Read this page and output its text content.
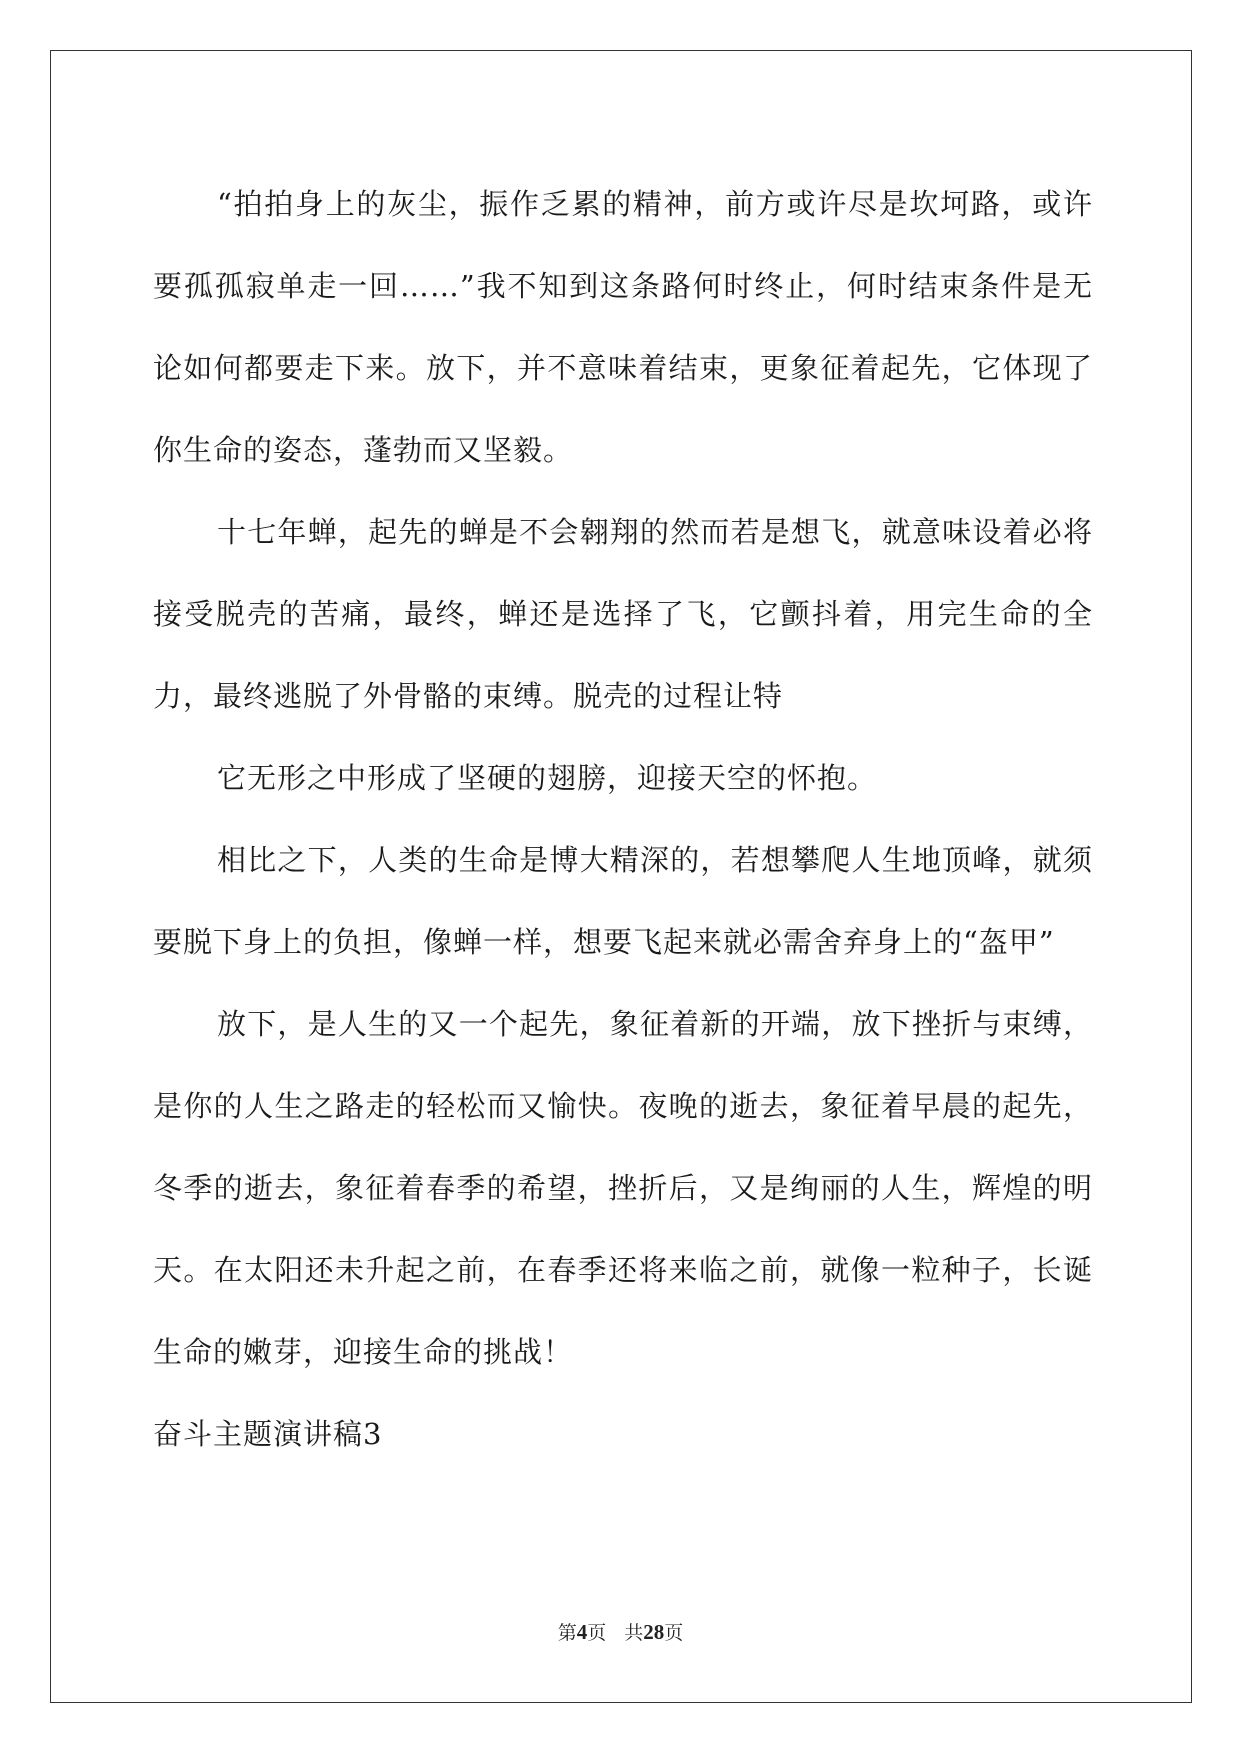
“拍拍身上的灰尘，振作乏累的精神，前方或许尽是坎坷路，或许要孤孤寂单走一回……”我不知到这条路何时终止，何时结束条件是无论如何都要走下来。放下，并不意味着结束，更象征着起先，它体现了你生命的姿态，蓬勃而又坚毅。

十七年蝉，起先的蝉是不会翱翔的然而若是想飞，就意味设着必将接受脱壳的苦痛，最终，蝉还是选择了飞，它颤抖着，用完生命的全力，最终逃脱了外骨骼的束缚。脱壳的过程让特

它无形之中形成了坚硬的翅膀，迎接天空的怀抱。

相比之下，人类的生命是博大精深的，若想攀爬人生地顶峰，就须要脱下身上的负担，像蝉一样，想要飞起来就必需舍弃身上的“盔甲”

放下，是人生的又一个起先，象征着新的开端，放下挫折与束缚，是你的人生之路走的轻松而又愉快。夜晚的逝去，象征着早晨的起先，冬季的逝去，象征着春季的希望，挫折后，又是绚丽的人生，辉煌的明天。在太阳还未升起之前，在春季还将来临之前，就像一粒种子，长诞生命的嫩芽，迎接生命的挑战！

奋斗主题演讲稿3

第4页 共28页
